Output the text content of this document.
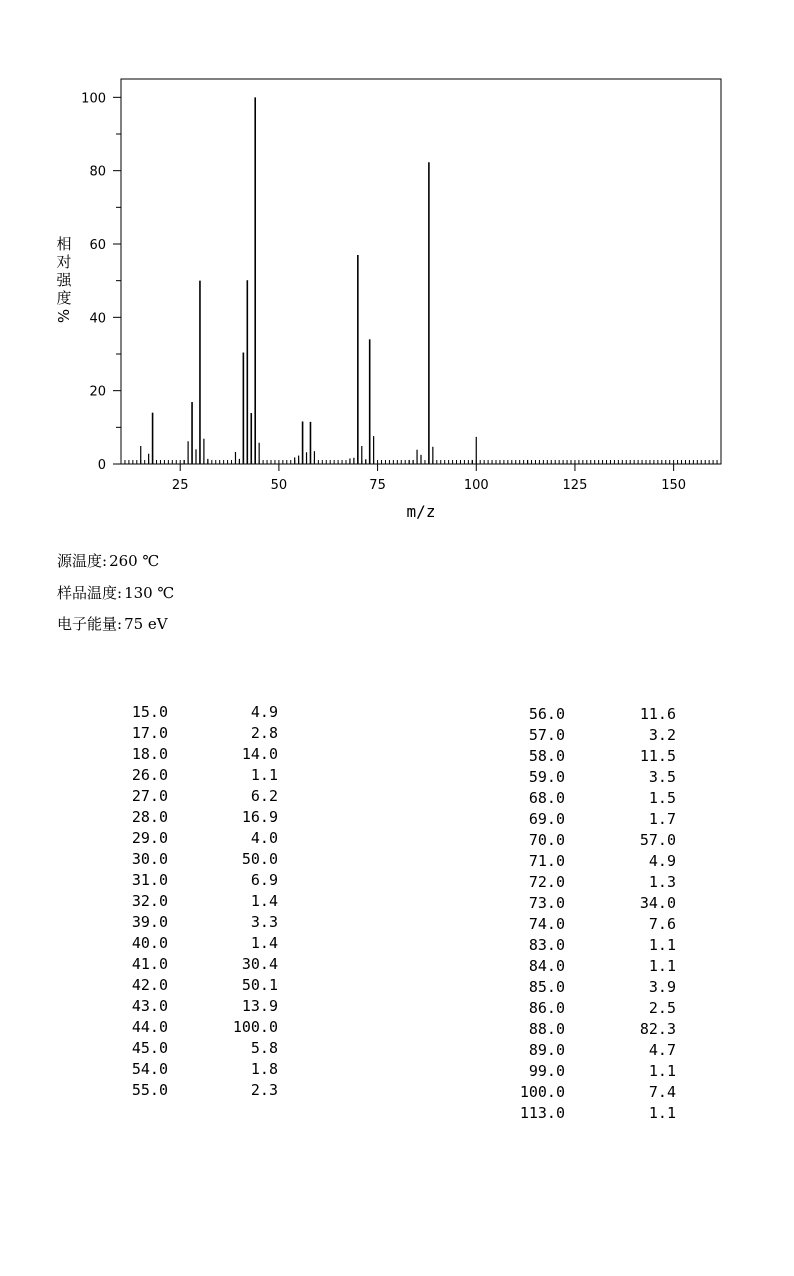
25	50	75	100	125	150
0
20
40
60
80
100
m/z
相
对
强
度
%
源温度: 260 ℃
样品温度: 130 ℃
电子能量: 75 eV
15.0	4.9
17.0	2.8
18.0	14.0
26.0	1.1
27.0	6.2
28.0	16.9
29.0	4.0
30.0	50.0
31.0	6.9
32.0	1.4
39.0	3.3
40.0	1.4
41.0	30.4
42.0	50.1
43.0	13.9
44.0	100.0
45.0	5.8
54.0	1.8
55.0	2.3
56.0	11.6
57.0	3.2
58.0	11.5
59.0	3.5
68.0	1.5
69.0	1.7
70.0	57.0
71.0	4.9
72.0	1.3
73.0	34.0
74.0	7.6
83.0	1.1
84.0	1.1
85.0	3.9
86.0	2.5
88.0	82.3
89.0	4.7
99.0	1.1
100.0	7.4
113.0	1.1
